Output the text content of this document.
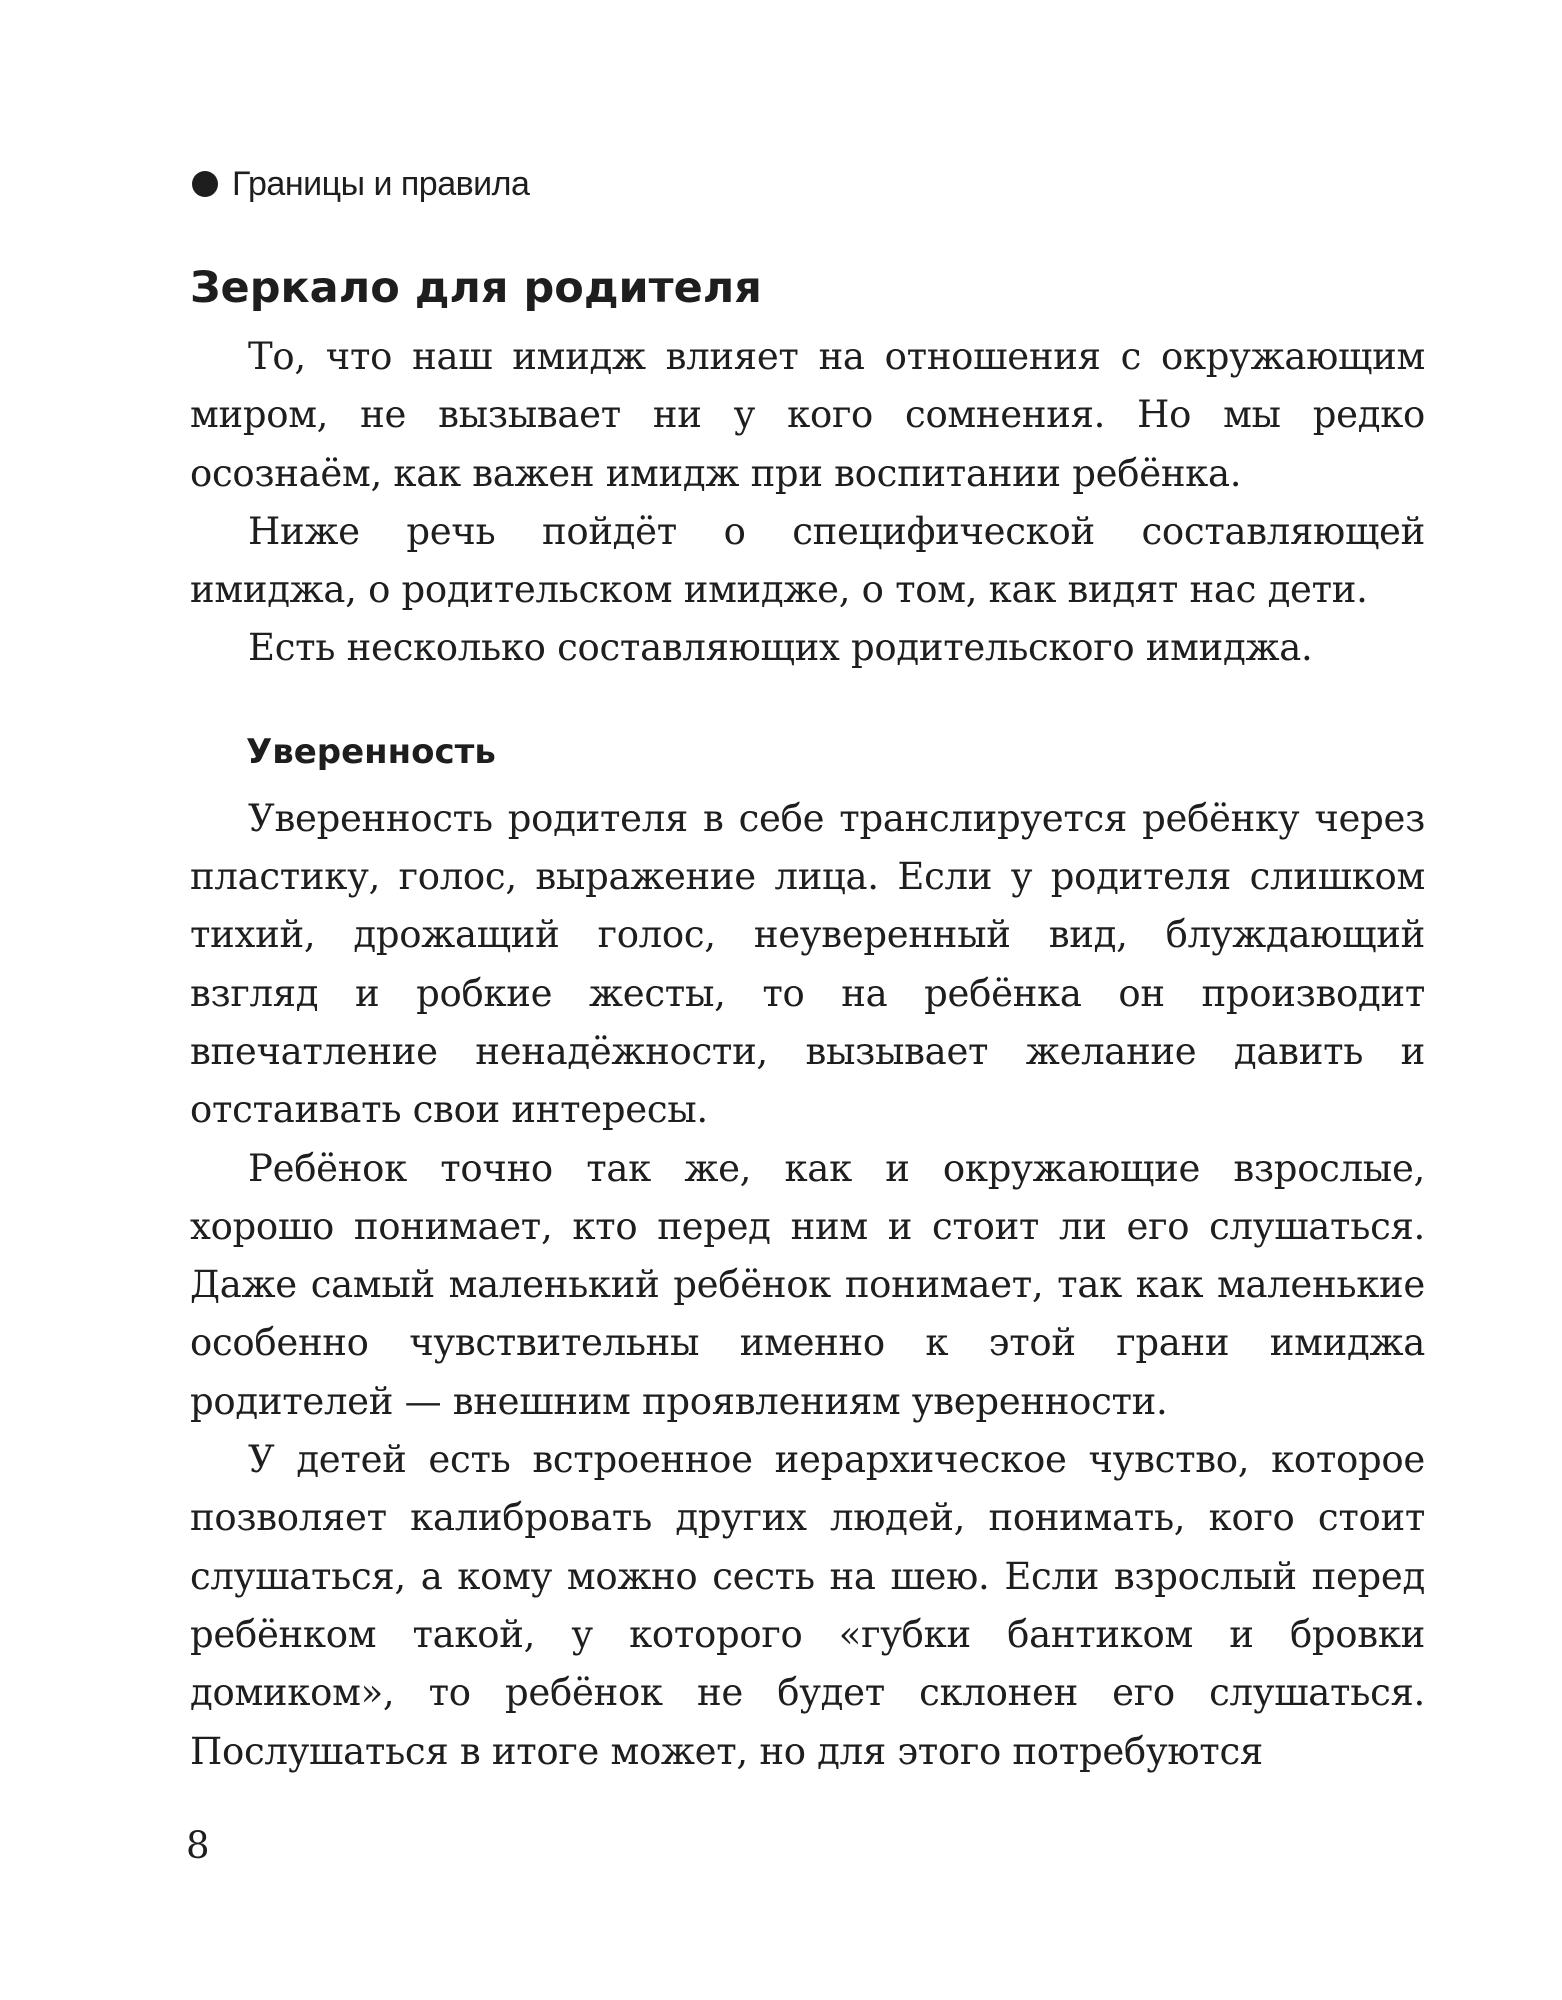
Границы и правила
Зеркало для родителя

То, что наш имидж влияет на отношения с окружающим миром, не вызывает ни у кого сомнения. Но мы редко осознаём, как важен имидж при воспитании ребёнка.

Ниже речь пойдёт о специфической составляющей имиджа, о родительском имидже, о том, как видят нас дети.

Есть несколько составляющих родительского имиджа.

Уверенность

Уверенность родителя в себе транслируется ребёнку через пластику, голос, выражение лица. Если у родителя слишком тихий, дрожащий голос, неуверенный вид, блуждающий взгляд и робкие жесты, то на ребёнка он производит впечатление ненадёжности, вызывает желание давить и отстаивать свои интересы.

Ребёнок точно так же, как и окружающие взрослые, хорошо понимает, кто перед ним и стоит ли его слушаться. Даже самый маленький ребёнок понимает, так как маленькие особенно чувствительны именно к этой грани имиджа родителей — внешним проявлениям уверенности.

У детей есть встроенное иерархическое чувство, которое позволяет калибровать других людей, понимать, кого стоит слушаться, а кому можно сесть на шею. Если взрослый перед ребёнком такой, у которого «губки бантиком и бровки домиком», то ребёнок не будет склонен его слушаться. Послушаться в итоге может, но для этого потребуются

8
